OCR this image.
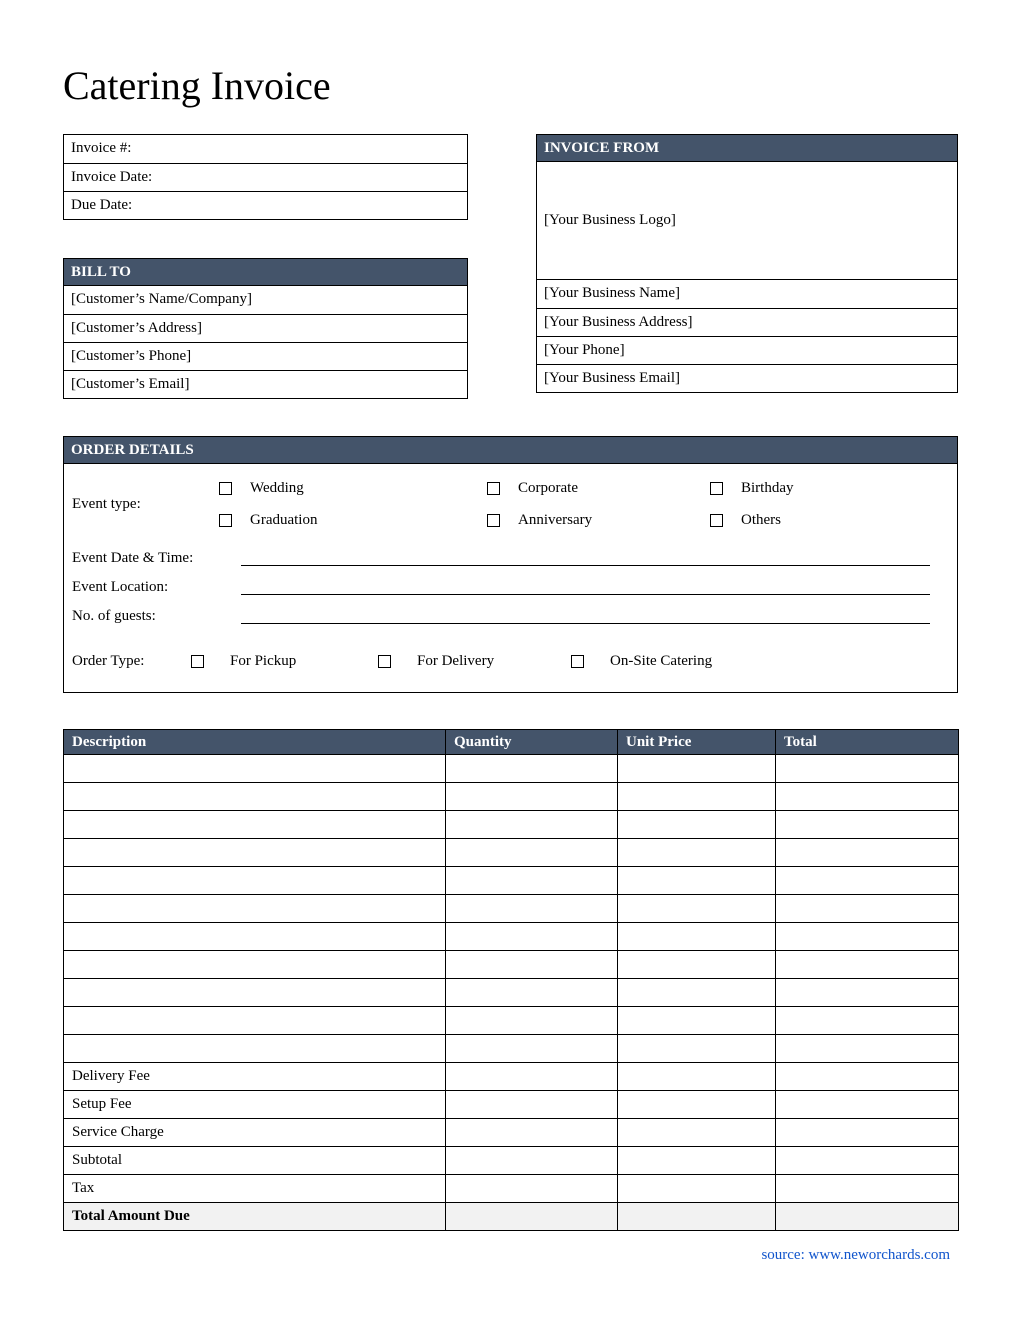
Catering Invoice
Invoice #:
Invoice Date:
Due Date:
BILL TO
[Customer’s Name/Company]
[Customer’s Address]
[Customer’s Phone]
[Customer’s Email]
INVOICE FROM
[Your Business Logo]
[Your Business Name]
[Your Business Address]
[Your Phone]
[Your Business Email]
ORDER DETAILS
Event type:
Wedding	Corporate	Birthday
Graduation	Anniversary	Others
Event Date & Time:
Event Location:
No. of guests:
Order Type:	For Pickup	For Delivery	On-Site Catering
Description	Quantity	Unit Price	Total

Delivery Fee			
Setup Fee			
Service Charge			
Subtotal			
Tax			
Total Amount Due			
source: www.neworchards.com
